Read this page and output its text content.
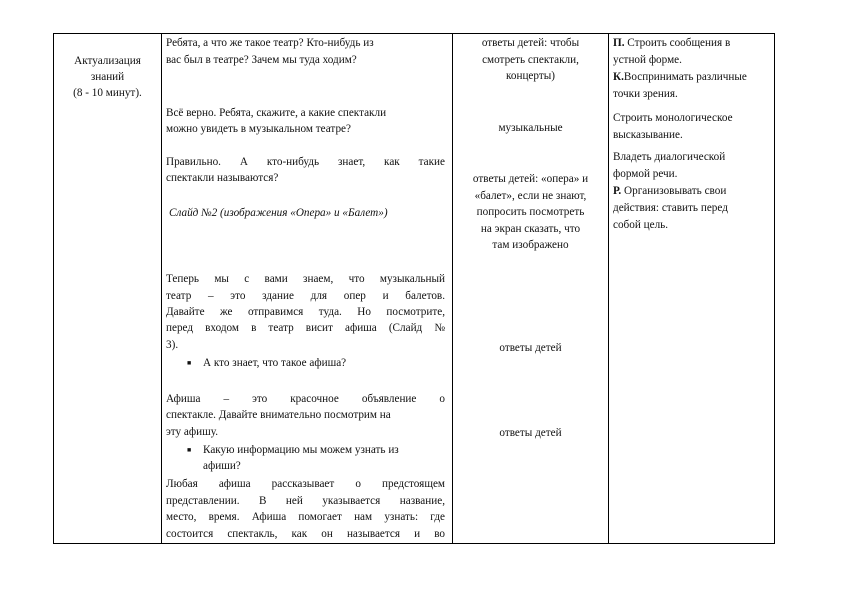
Актуализация
знаний
(8 - 10 минут).
Ребята, а что же такое театр? Кто-нибудь из
вас был в театре? Зачем мы туда ходим?
Всё верно. Ребята, скажите, а какие спектакли
можно увидеть в музыкальном театре?
Правильно. А кто-нибудь знает, как такие
спектакли называются?
Слайд №2 (изображения «Опера» и «Балет»)
Теперь мы с вами знаем, что музыкальный
театр – это здание для опер и балетов.
Давайте же отправимся туда. Но посмотрите,
перед входом в театр висит афиша (Слайд №
3).
■ А кто знает, что такое афиша?
Афиша – это красочное объявление о
спектакле. Давайте внимательно посмотрим на
эту афишу.
■ Какую информацию мы можем узнать из
афиши?
Любая афиша рассказывает о предстоящем
представлении. В ней указывается название,
место, время. Афиша помогает нам узнать: где
состоится спектакль, как он называется и во
ответы детей: чтобы
смотреть спектакли,
концерты)
музыкальные
ответы детей: «опера» и
«балет», если не знают,
попросить посмотреть
на экран сказать, что
там изображено
ответы детей
ответы детей
П. Строить сообщения в
устной форме.
К.Воспринимать различные
точки зрения.
Строить монологическое
высказывание.
Владеть диалогической
формой речи.
Р. Организовывать свои
действия: ставить перед
собой цель.
